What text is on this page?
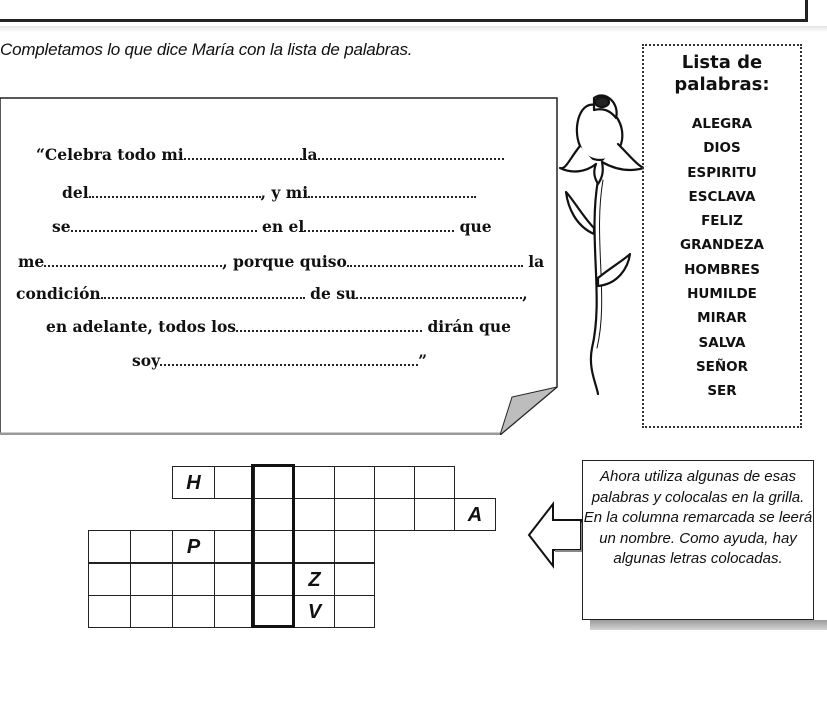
Completamos lo que dice María con la lista de palabras.
“Celebra todo mi	la
del	, y mi
se	en el	que
me	, porque quiso	la
condición	de su	,
en adelante, todos los	dirán que
soy	”
Lista de
palabras:
ALEGRA
DIOS
ESPIRITU
ESCLAVA
FELIZ
GRANDEZA
HOMBRES
HUMILDE
MIRAR
SALVA
SEÑOR
SER
H
A
P
Z
V
Ahora utiliza algunas de esas palabras y colocalas en la grilla. En la columna remarcada se leerá un nombre. Como ayuda, hay algunas letras colocadas.
